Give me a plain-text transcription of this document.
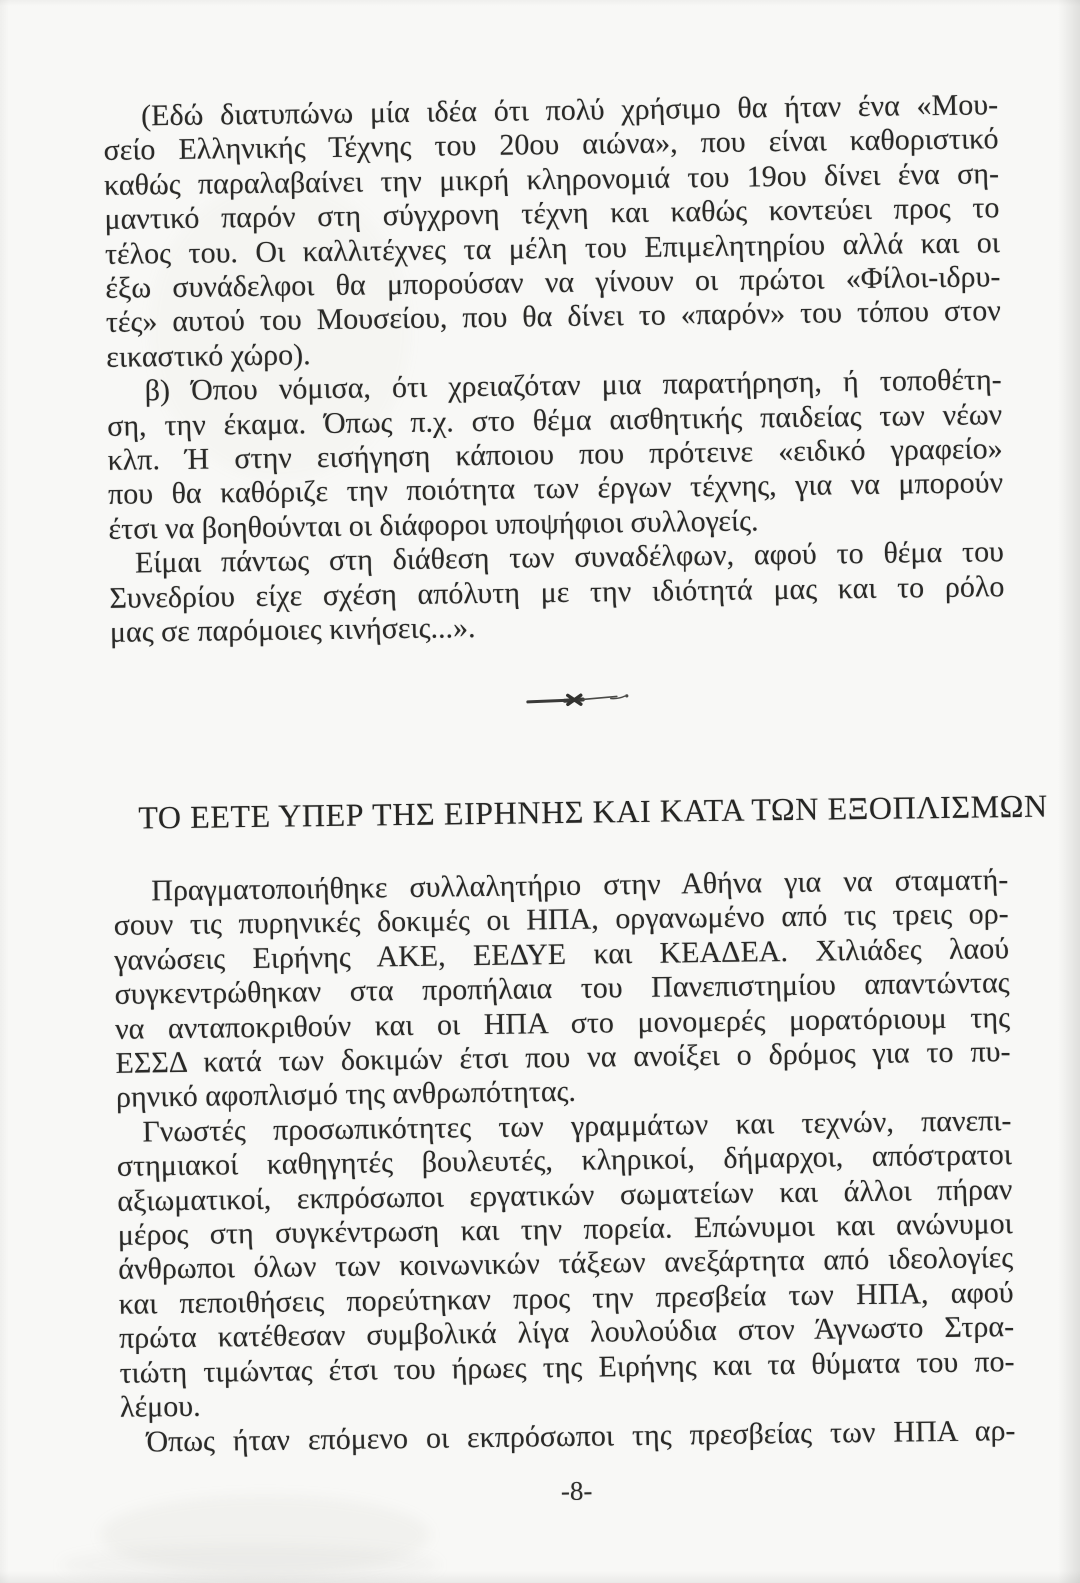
(Εδώ διατυπώνω μία ιδέα ότι πολύ χρήσιμο θα ήταν ένα «Μου-
σείο Ελληνικής Τέχνης του 20ου αιώνα», που είναι καθοριστικό
καθώς παραλαβαίνει την μικρή κληρονομιά του 19ου δίνει ένα ση-
μαντικό παρόν στη σύγχρονη τέχνη και καθώς κοντεύει προς το
τέλος του. Οι καλλιτέχνες τα μέλη του Επιμελητηρίου αλλά και οι
έξω συνάδελφοι θα μπορούσαν να γίνουν οι πρώτοι «Φίλοι-ιδρυ-
τές» αυτού του Μουσείου, που θα δίνει το «παρόν» του τόπου στον
εικαστικό χώρο).
β) Όπου νόμισα, ότι χρειαζόταν μια παρατήρηση, ή τοποθέτη-
ση, την έκαμα. Όπως π.χ. στο θέμα αισθητικής παιδείας των νέων
κλπ. Ή στην εισήγηση κάποιου που πρότεινε «ειδικό γραφείο»
που θα καθόριζε την ποιότητα των έργων τέχνης, για να μπορούν
έτσι να βοηθούνται οι διάφοροι υποψήφιοι συλλογείς.
Είμαι πάντως στη διάθεση των συναδέλφων, αφού το θέμα του
Συνεδρίου είχε σχέση απόλυτη με την ιδιότητά μας και το ρόλο
μας σε παρόμοιες κινήσεις...».
ΤΟ ΕΕΤΕ ΥΠΕΡ ΤΗΣ ΕΙΡΗΝΗΣ ΚΑΙ ΚΑΤΑ ΤΩΝ ΕΞΟΠΛΙΣΜΩΝ
Πραγματοποιήθηκε συλλαλητήριο στην Αθήνα για να σταματή-
σουν τις πυρηνικές δοκιμές οι ΗΠΑ, οργανωμένο από τις τρεις ορ-
γανώσεις Ειρήνης ΑΚΕ, ΕΕΔΥΕ και ΚΕΑΔΕΑ. Χιλιάδες λαού
συγκεντρώθηκαν στα προπήλαια του Πανεπιστημίου απαντώντας
να ανταποκριθούν και οι ΗΠΑ στο μονομερές μορατόριουμ της
ΕΣΣΔ κατά των δοκιμών έτσι που να ανοίξει ο δρόμος για το πυ-
ρηνικό αφοπλισμό της ανθρωπότητας.
Γνωστές προσωπικότητες των γραμμάτων και τεχνών, πανεπι-
στημιακοί καθηγητές βουλευτές, κληρικοί, δήμαρχοι, απόστρατοι
αξιωματικοί, εκπρόσωποι εργατικών σωματείων και άλλοι πήραν
μέρος στη συγκέντρωση και την πορεία. Επώνυμοι και ανώνυμοι
άνθρωποι όλων των κοινωνικών τάξεων ανεξάρτητα από ιδεολογίες
και πεποιθήσεις πορεύτηκαν προς την πρεσβεία των ΗΠΑ, αφού
πρώτα κατέθεσαν συμβολικά λίγα λουλούδια στον Άγνωστο Στρα-
τιώτη τιμώντας έτσι του ήρωες της Ειρήνης και τα θύματα του πο-
λέμου.
Όπως ήταν επόμενο οι εκπρόσωποι της πρεσβείας των ΗΠΑ αρ-
-8-
